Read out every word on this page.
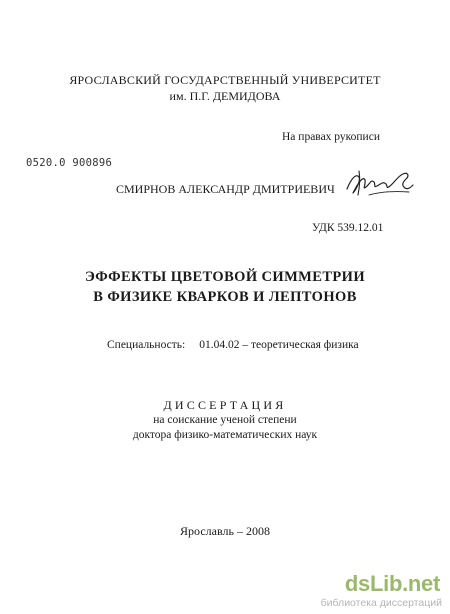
ЯРОСЛАВСКИЙ ГОСУДАРСТВЕННЫЙ УНИВЕРСИТЕТ
им. П.Г. ДЕМИДОВА
На правах рукописи
0520.0 900896
СМИРНОВ АЛЕКСАНДР ДМИТРИЕВИЧ
УДК 539.12.01
ЭФФЕКТЫ ЦВЕТОВОЙ СИММЕТРИИ
В ФИЗИКЕ КВАРКОВ И ЛЕПТОНОВ
Специальность: 01.04.02 – теоретическая физика
ДИССЕРТАЦИЯ
на соискание ученой степени
доктора физико-математических наук
Ярославль – 2008
dsLib.net
библиотека диссертаций
